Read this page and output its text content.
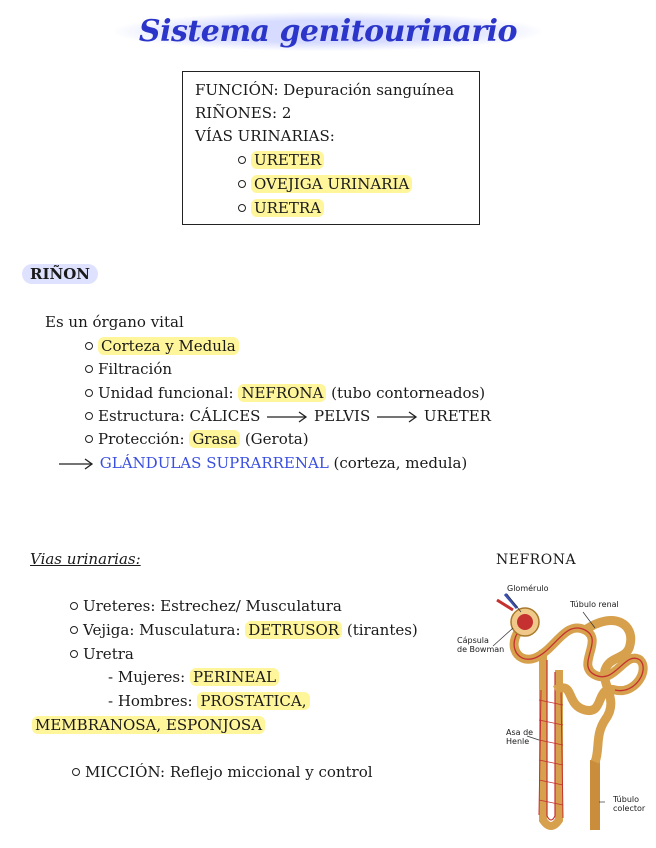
Sistema genitourinario
FUNCIÓN: Depuración sanguínea
RIÑONES: 2
VÍAS URINARIAS:
URETER
OVEJIGA URINARIA
URETRA
RIÑON
Es un órgano vital
Corteza y Medula
Filtración
Unidad funcional: NEFRONA (tubo contorneados)
Estructura: CÁLICES	PELVIS	URETER
Protección: Grasa (Gerota)
GLÁNDULAS SUPRARRENAL (corteza, medula)
Vias urinarias:
Ureteres: Estrechez/ Musculatura
Vejiga: Musculatura: DETRUSOR (tirantes)
Uretra
- Mujeres: PERINEAL
- Hombres: PROSTATICA,
MEMBRANOSA, ESPONJOSA
MICCIÓN: Reflejo miccional y control
NEFRONA
Glomérulo
Túbulo renal
Cápsula
de Bowman
Asa de
Henle
Túbulo
colector
